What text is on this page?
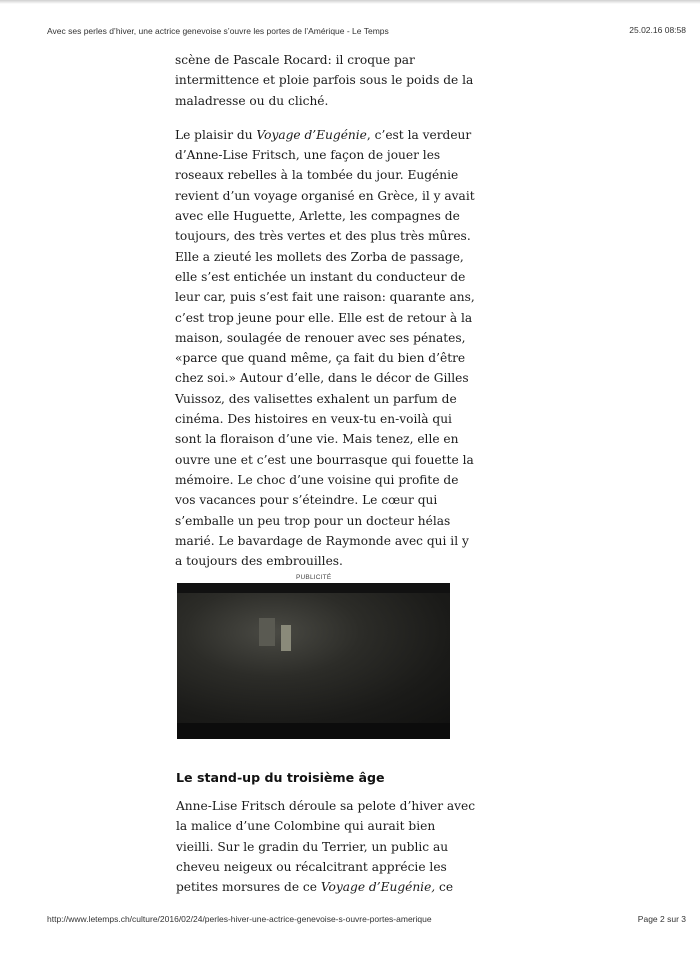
Avec ses perles d’hiver, une actrice genevoise s’ouvre les portes de l’Amérique - Le Temps	25.02.16 08:58

scène de Pascale Rocard: il croque par
intermittence et ploie parfois sous le poids de la
maladresse ou du cliché.

Le plaisir du Voyage d’Eugénie, c’est la verdeur
d’Anne-Lise Fritsch, une façon de jouer les
roseaux rebelles à la tombée du jour. Eugénie
revient d’un voyage organisé en Grèce, il y avait
avec elle Huguette, Arlette, les compagnes de
toujours, des très vertes et des plus très mûres.
Elle a zieuté les mollets des Zorba de passage,
elle s’est entichée un instant du conducteur de
leur car, puis s’est fait une raison: quarante ans,
c’est trop jeune pour elle. Elle est de retour à la
maison, soulagée de renouer avec ses pénates,
«parce que quand même, ça fait du bien d’être
chez soi.» Autour d’elle, dans le décor de Gilles
Vuissoz, des valisettes exhalent un parfum de
cinéma. Des histoires en veux-tu en-voilà qui
sont la floraison d’une vie. Mais tenez, elle en
ouvre une et c’est une bourrasque qui fouette la
mémoire. Le choc d’une voisine qui profite de
vos vacances pour s’éteindre. Le cœur qui
s’emballe un peu trop pour un docteur hélas
marié. Le bavardage de Raymonde avec qui il y
a toujours des embrouilles.

PUBLICITÉ
Le stand-up du troisième âge
Anne-Lise Fritsch déroule sa pelote d’hiver avec
la malice d’une Colombine qui aurait bien
vieilli. Sur le gradin du Terrier, un public au
cheveu neigeux ou récalcitrant apprécie les
petites morsures de ce Voyage d’Eugénie, ce
http://www.letemps.ch/culture/2016/02/24/perles-hiver-une-actrice-genevoise-s-ouvre-portes-amerique	Page 2 sur 3
